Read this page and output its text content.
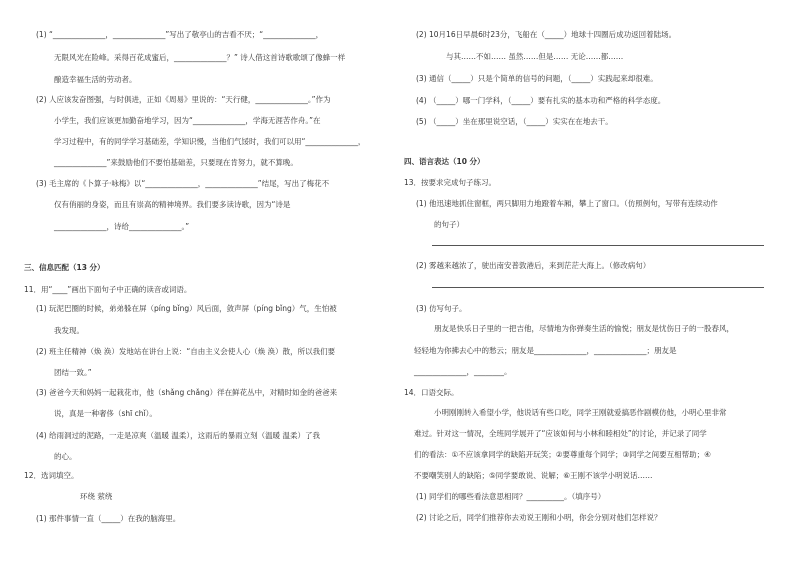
(1) “______________，______________”写出了敬亭山的吉看不厌；“______________，
无限风光在险峰。采得百花成蜜后，______________？” 诗人借这首诗歌歌颂了像蜂一样
酿造幸福生活的劳动者。
(2) 人应该发奋图强，与时俱进，正如《周易》里说的：“天行健，______________。”作为
小学生，我们应该更加勤奋地学习，因为“______________，学海无涯苦作舟。”在
学习过程中，有的同学学习基础差，学知识慢，当他们气馁时，我们可以用“______________，
______________”来鼓励他们不要怕基础差，只要现在肯努力，就不算晚。
(3) 毛主席的《卜算子·咏梅》以“______________，______________”结尾，写出了梅花不
仅有俏丽的身姿，而且有崇高的精神境界。我们要多读诗歌，因为“诗是
______________，诗给______________。”
三、信息匹配（13 分）
11．用“____”画出下面句子中正确的读音或词语。
(1) 玩泥巴圈的时候，弟弟躲在屏（píng bǐng）风后面，敛声屏（píng bǐng）气，生怕被
我发现。
(2) 班主任精神（焕 涣）发地站在讲台上说：“自由主义会使人心（焕 涣）散，所以我们要
团结一致。”
(3) 爸爸今天和妈妈一起栽花市，他（shǎng chǎng）徉在鲜花丛中，对精时如金的爸爸来
说，真是一种奢侈（shī chǐ）。
(4) 给雨洞过的泥路，一走是凉爽（温暖 温柔），这雨后的暴雨立刻（温暖 温柔）了我
的心。
12．选词填空。
环绕 萦绕
(1) 那件事情一直（_____）在我的脑海里。
(2) 10月16日早晨6时23分，飞船在（_____）地球十四圈后成功返回着陆场。
与其……不如…… 虽然……但是…… 无论……都……
(3) 通信（_____）只是个简单的信号的问题，（_____）实践起来却很难。
(4) （_____）哪一门学科，（_____）要有扎实的基本功和严格的科学态度。
(5) （_____）坐在那里说空话，（_____）实实在在地去干。
四、语言表达（10 分）
13．按要求完成句子练习。
(1) 他迅速地抓住窗框，两只脚用力地蹬着车厢，攀上了窗口。（仿照例句，写带有连续动作
的句子）
(2) 雾越来越浓了，驶出南安普敦港后，来到茫茫大海上。（修改病句）
(3) 仿写句子。
朋友是快乐日子里的一把吉他，尽情地为你弹奏生活的愉悦；朋友是忧伤日子的一股春风，
轻轻地为你拂去心中的愁云；朋友是______________，______________；朋友是
______________，________。
14．口语交际。
小明刚刚转入希望小学，他说话有些口吃，同学王刚就爱搞恶作剧模仿他，小明心里非常
难过。针对这一情况，全班同学展开了“应该如何与小林和睦相处”的讨论，并记录了同学
们的看法：①不应该拿同学的缺陷开玩笑；②要尊重每个同学；③同学之间要互相帮助；④
不要嘲笑别人的缺陷；⑤同学要敢说、说解；⑥王刚不该学小明说话……
(1) 同学们的哪些看法意思相同？__________。（填序号）
(2) 讨论之后，同学们推荐你去劝说王刚和小明，你会分别对他们怎样说？
